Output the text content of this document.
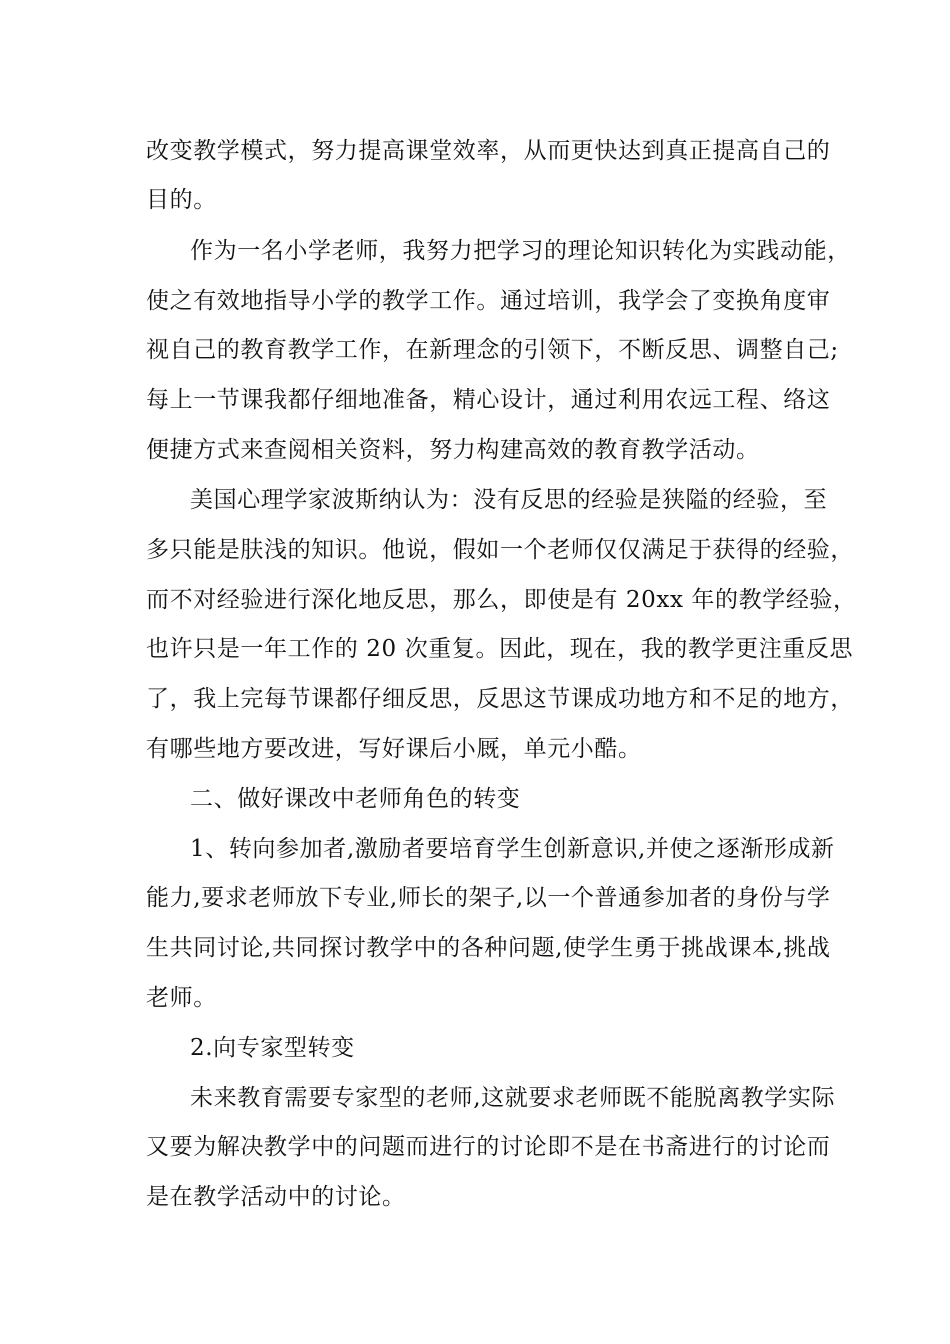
改变教学模式，努力提高课堂效率，从而更快达到真正提高自己的
目的。
作为一名小学老师，我努力把学习的理论知识转化为实践动能，
使之有效地指导小学的教学工作。通过培训，我学会了变换角度审
视自己的教育教学工作，在新理念的引领下，不断反思、调整自己;
每上一节课我都仔细地准备，精心设计，通过利用农远工程、络这
便捷方式来查阅相关资料，努力构建高效的教育教学活动。
美国心理学家波斯纳认为：没有反思的经验是狭隘的经验，至
多只能是肤浅的知识。他说，假如一个老师仅仅满足于获得的经验，
而不对经验进行深化地反思，那么，即使是有 20xx 年的教学经验，
也许只是一年工作的 20 次重复。因此，现在，我的教学更注重反思
了，我上完每节课都仔细反思，反思这节课成功地方和不足的地方，
有哪些地方要改进，写好课后小厩，单元小酷。
二、做好课改中老师角色的转变
1、转向参加者,激励者要培育学生创新意识,并使之逐渐形成新
能力,要求老师放下专业,师长的架子,以一个普通参加者的身份与学
生共同讨论,共同探讨教学中的各种问题,使学生勇于挑战课本,挑战
老师。
2.向专家型转变
未来教育需要专家型的老师,这就要求老师既不能脱离教学实际
又要为解决教学中的问题而进行的讨论即不是在书斋进行的讨论而
是在教学活动中的讨论。
